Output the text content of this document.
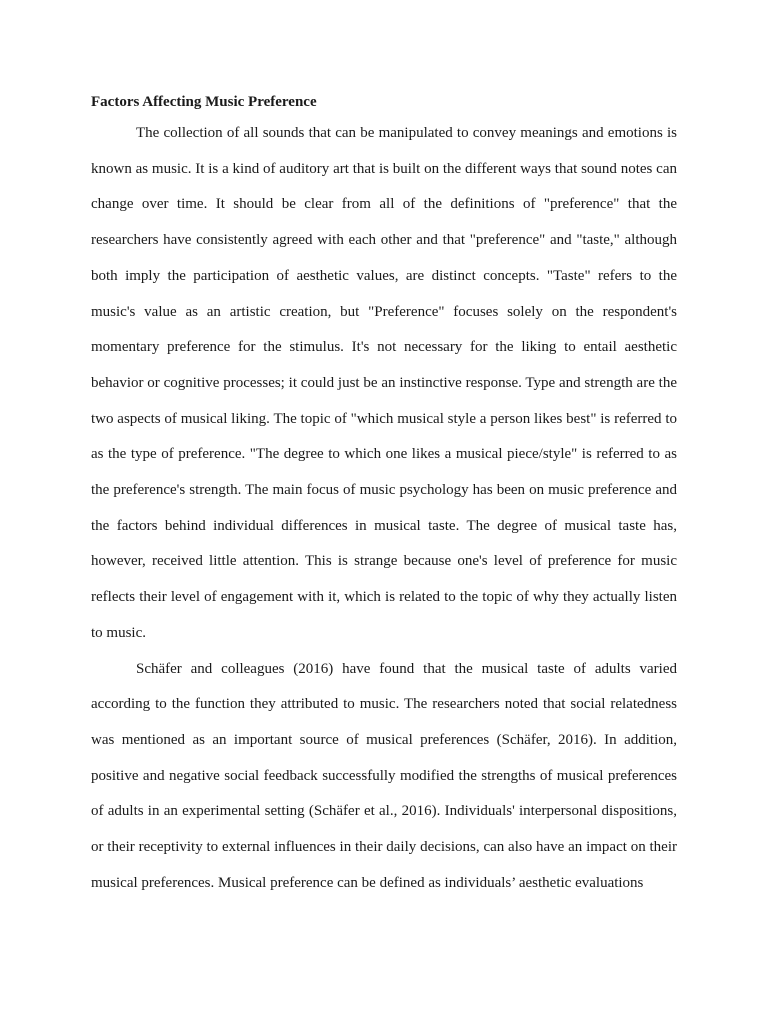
Factors Affecting Music Preference

The collection of all sounds that can be manipulated to convey meanings and emotions is known as music. It is a kind of auditory art that is built on the different ways that sound notes can change over time. It should be clear from all of the definitions of "preference" that the researchers have consistently agreed with each other and that "preference" and "taste," although both imply the participation of aesthetic values, are distinct concepts. "Taste" refers to the music's value as an artistic creation, but "Preference" focuses solely on the respondent's momentary preference for the stimulus. It's not necessary for the liking to entail aesthetic behavior or cognitive processes; it could just be an instinctive response. Type and strength are the two aspects of musical liking. The topic of "which musical style a person likes best" is referred to as the type of preference. "The degree to which one likes a musical piece/style" is referred to as the preference's strength. The main focus of music psychology has been on music preference and the factors behind individual differences in musical taste. The degree of musical taste has, however, received little attention. This is strange because one's level of preference for music reflects their level of engagement with it, which is related to the topic of why they actually listen to music.

Schäfer and colleagues (2016) have found that the musical taste of adults varied according to the function they attributed to music. The researchers noted that social relatedness was mentioned as an important source of musical preferences (Schäfer, 2016). In addition, positive and negative social feedback successfully modified the strengths of musical preferences of adults in an experimental setting (Schäfer et al., 2016). Individuals' interpersonal dispositions, or their receptivity to external influences in their daily decisions, can also have an impact on their musical preferences. Musical preference can be defined as individuals’ aesthetic evaluations
